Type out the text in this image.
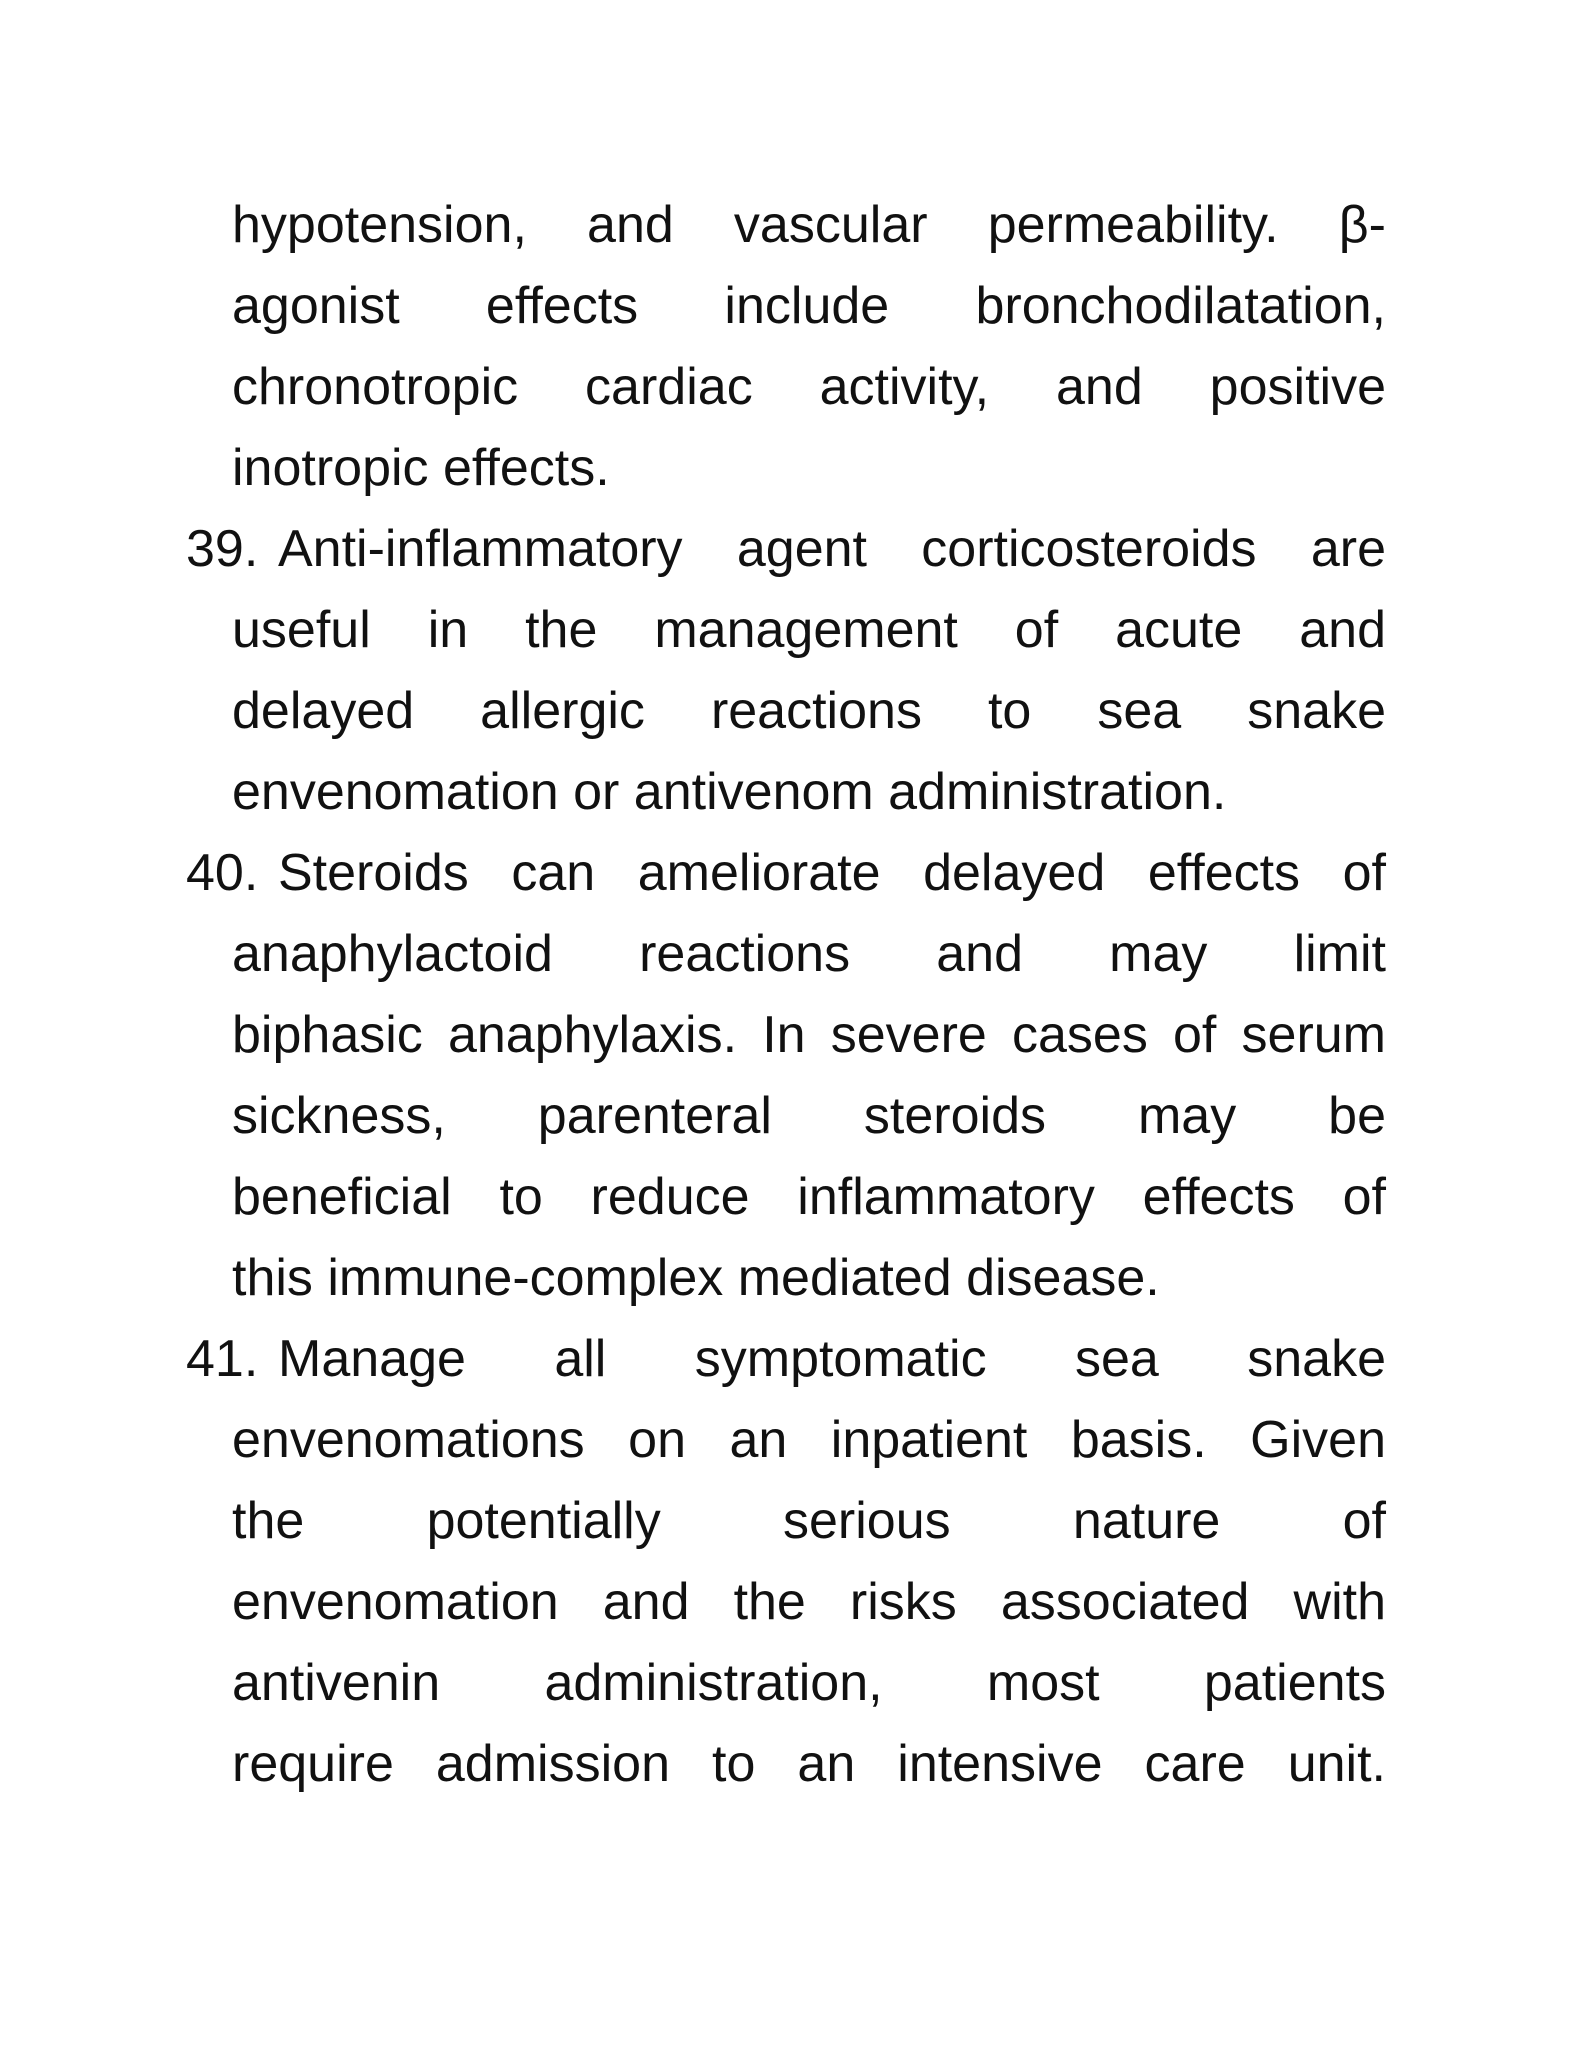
hypotension, and vascular permeability. β-
agonist effects include bronchodilatation,
chronotropic cardiac activity, and positive
inotropic effects.
39. Anti-inflammatory agent corticosteroids are
useful in the management of acute and
delayed allergic reactions to sea snake
envenomation or antivenom administration.
40. Steroids can ameliorate delayed effects of
anaphylactoid reactions and may limit
biphasic anaphylaxis. In severe cases of serum
sickness, parenteral steroids may be
beneficial to reduce inflammatory effects of
this immune-complex mediated disease.
41. Manage all symptomatic sea snake
envenomations on an inpatient basis. Given
the potentially serious nature of
envenomation and the risks associated with
antivenin administration, most patients
require admission to an intensive care unit.
